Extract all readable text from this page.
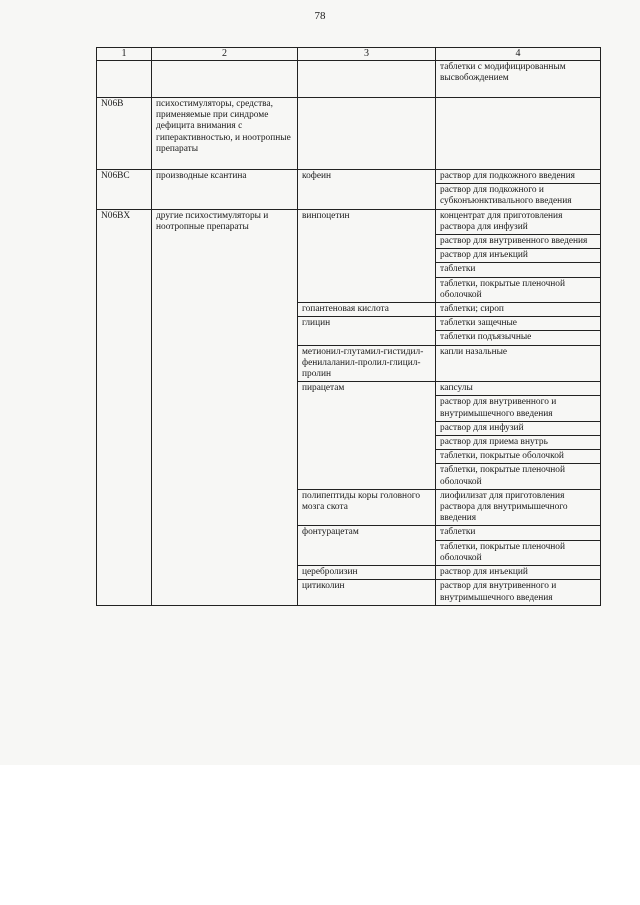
78
1	2	3	4
			таблетки с модифицированным высвобождением
N06B	психостимуляторы, средства, применяемые при синдроме дефицита внимания с гиперактивностью, и ноотропные препараты		
N06BC	производные ксантина	кофеин	раствор для подкожного введения
			раствор для подкожного и субконъюнктивального введения
N06BX	другие психостимуляторы и ноотропные препараты	винпоцетин	концентрат для приготовления раствора для инфузий
			раствор для внутривенного введения
			раствор для инъекций
			таблетки
			таблетки, покрытые пленочной оболочкой
		гопантеновая кислота	таблетки; сироп
		глицин	таблетки защечные
			таблетки подъязычные
		метионил-глутамил-гистидил-фенилаланил-пролил-глицил-пролин	капли назальные
		пирацетам	капсулы
			раствор для внутривенного и внутримышечного введения
			раствор для инфузий
			раствор для приема внутрь
			таблетки, покрытые оболочкой
			таблетки, покрытые пленочной оболочкой
		полипептиды коры головного мозга скота	лиофилизат для приготовления раствора для внутримышечного введения
		фонтурацетам	таблетки
			таблетки, покрытые пленочной оболочкой
		церебролизин	раствор для инъекций
		цитиколин	раствор для внутривенного и внутримышечного введения
